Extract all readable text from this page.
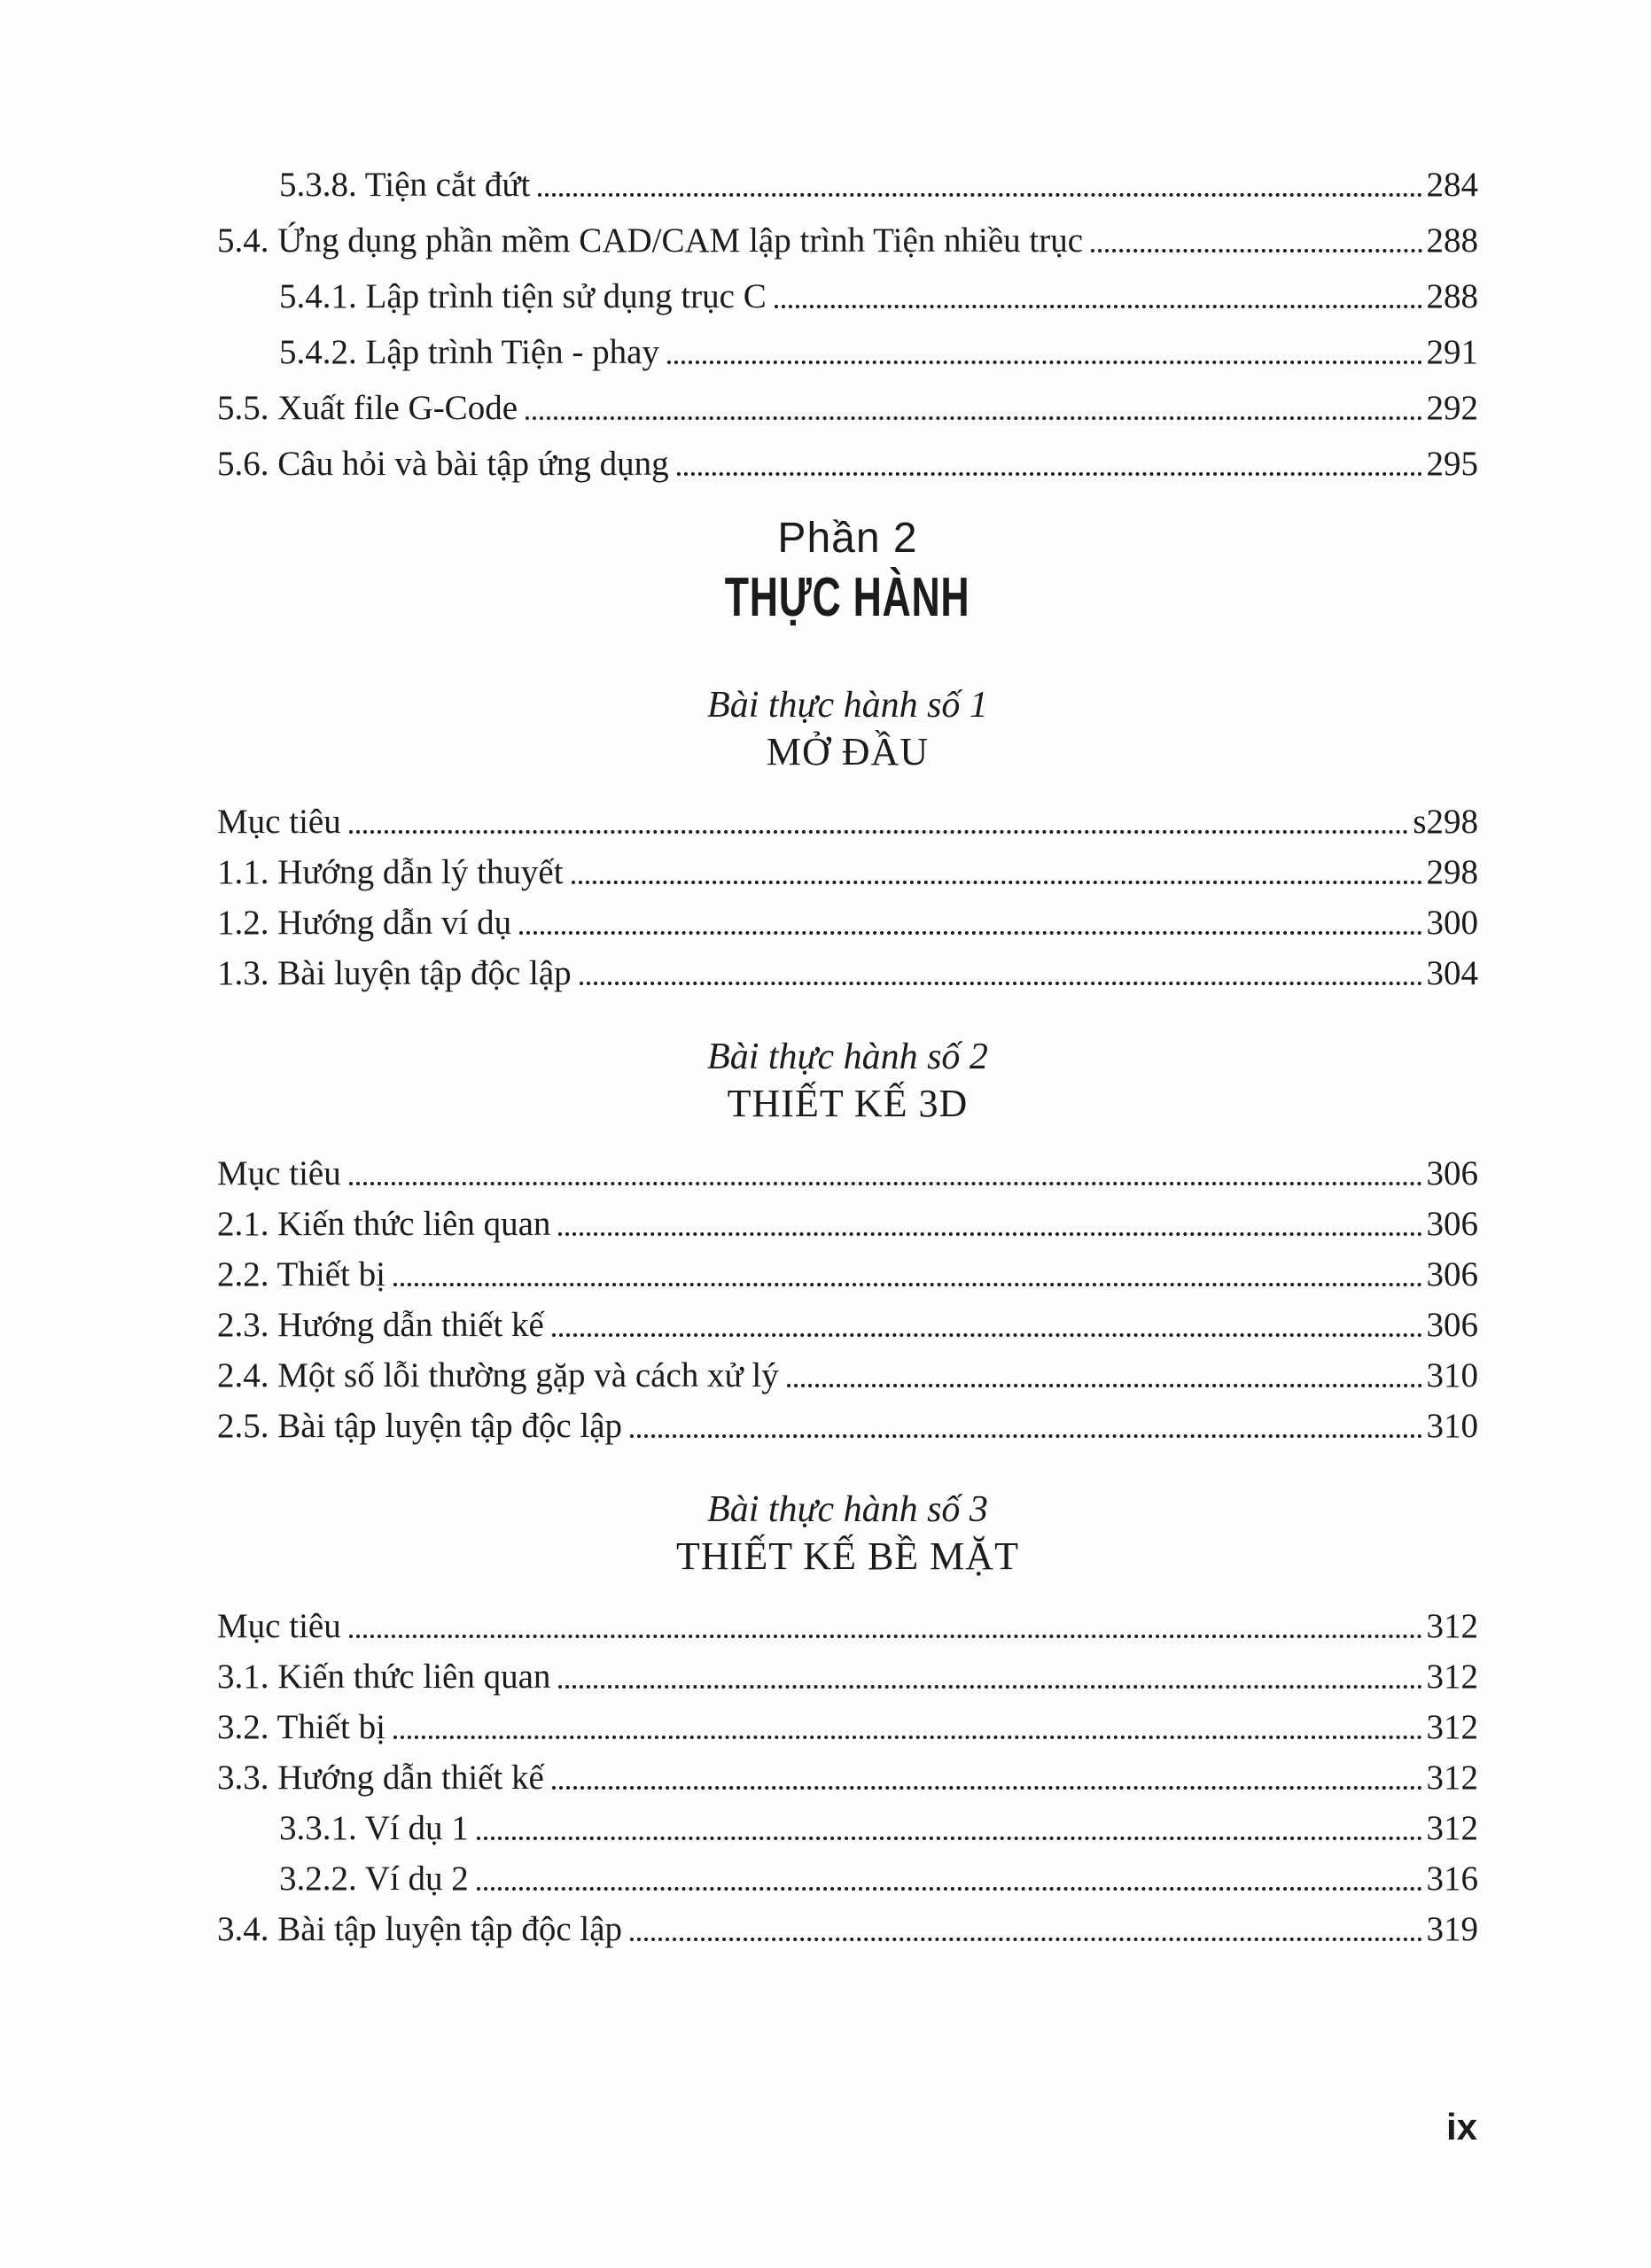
5.3.8. Tiện cắt đứt	284
5.4. Ứng dụng phần mềm CAD/CAM lập trình Tiện nhiều trục	288
5.4.1. Lập trình tiện sử dụng trục C	288
5.4.2. Lập trình Tiện - phay	291
5.5. Xuất file G-Code	292
5.6. Câu hỏi và bài tập ứng dụng	295
Phần 2
THỰC HÀNH
Bài thực hành số 1
MỞ ĐẦU
Mục tiêu	s298
1.1. Hướng dẫn lý thuyết	298
1.2. Hướng dẫn ví dụ	300
1.3. Bài luyện tập độc lập	304
Bài thực hành số 2
THIẾT KẾ 3D
Mục tiêu	306
2.1. Kiến thức liên quan	306
2.2. Thiết bị	306
2.3. Hướng dẫn thiết kế	306
2.4. Một số lỗi thường gặp và cách xử lý	310
2.5. Bài tập luyện tập độc lập	310
Bài thực hành số 3
THIẾT KẾ BỀ MẶT
Mục tiêu	312
3.1. Kiến thức liên quan	312
3.2. Thiết bị	312
3.3. Hướng dẫn thiết kế	312
3.3.1. Ví dụ 1	312
3.2.2. Ví dụ 2	316
3.4. Bài tập luyện tập độc lập	319
ix
